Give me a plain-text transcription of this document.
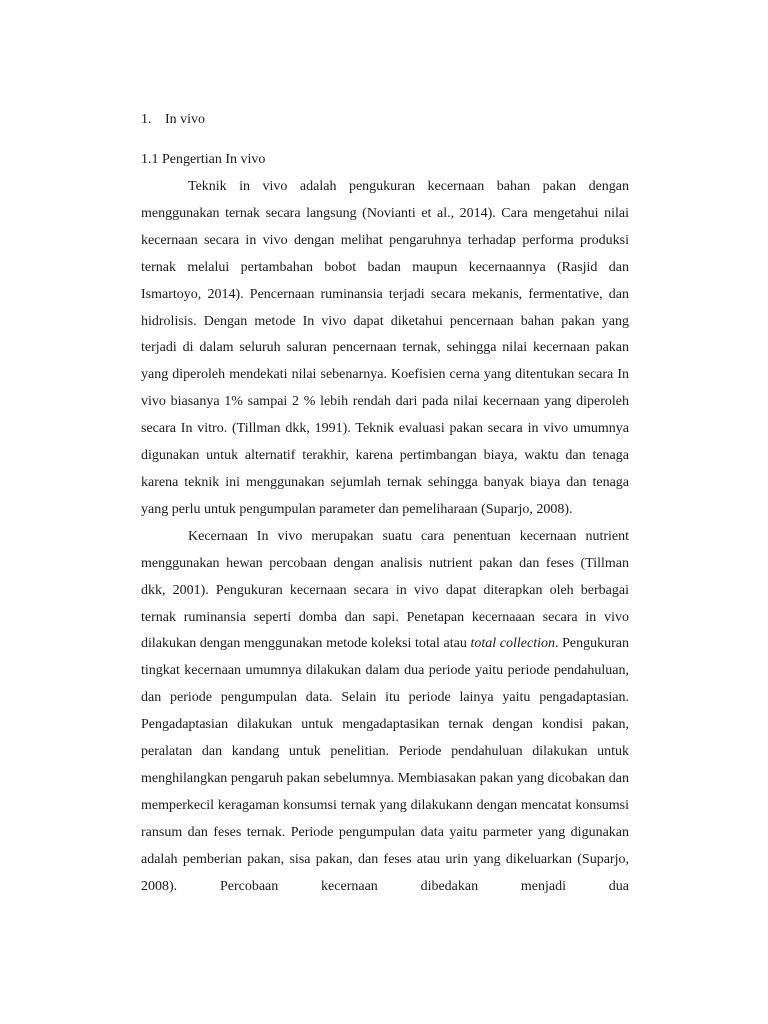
1. In vivo
1.1 Pengertian In vivo

Teknik in vivo adalah pengukuran kecernaan bahan pakan dengan menggunakan ternak secara langsung (Novianti et al., 2014). Cara mengetahui nilai kecernaan secara in vivo dengan melihat pengaruhnya terhadap performa produksi ternak melalui pertambahan bobot badan maupun kecernaannya (Rasjid dan Ismartoyo, 2014). Pencernaan ruminansia terjadi secara mekanis, fermentative, dan hidrolisis. Dengan metode In vivo dapat diketahui pencernaan bahan pakan yang terjadi di dalam seluruh saluran pencernaan ternak, sehingga nilai kecernaan pakan yang diperoleh mendekati nilai sebenarnya. Koefisien cerna yang ditentukan secara In vivo biasanya 1% sampai 2 % lebih rendah dari pada nilai kecernaan yang diperoleh secara In vitro. (Tillman dkk, 1991). Teknik evaluasi pakan secara in vivo umumnya digunakan untuk alternatif terakhir, karena pertimbangan biaya, waktu dan tenaga karena teknik ini menggunakan sejumlah ternak sehingga banyak biaya dan tenaga yang perlu untuk pengumpulan parameter dan pemeliharaan (Suparjo, 2008).

Kecernaan In vivo merupakan suatu cara penentuan kecernaan nutrient menggunakan hewan percobaan dengan analisis nutrient pakan dan feses (Tillman dkk, 2001). Pengukuran kecernaan secara in vivo dapat diterapkan oleh berbagai ternak ruminansia seperti domba dan sapi. Penetapan kecernaaan secara in vivo dilakukan dengan menggunakan metode koleksi total atau total collection. Pengukuran tingkat kecernaan umumnya dilakukan dalam dua periode yaitu periode pendahuluan, dan periode pengumpulan data. Selain itu periode lainya yaitu pengadaptasian. Pengadaptasian dilakukan untuk mengadaptasikan ternak dengan kondisi pakan, peralatan dan kandang untuk penelitian. Periode pendahuluan dilakukan untuk menghilangkan pengaruh pakan sebelumnya. Membiasakan pakan yang dicobakan dan memperkecil keragaman konsumsi ternak yang dilakukann dengan mencatat konsumsi ransum dan feses ternak. Periode pengumpulan data yaitu parmeter yang digunakan adalah pemberian pakan, sisa pakan, dan feses atau urin yang dikeluarkan (Suparjo, 2008). Percobaan kecernaan dibedakan menjadi dua
